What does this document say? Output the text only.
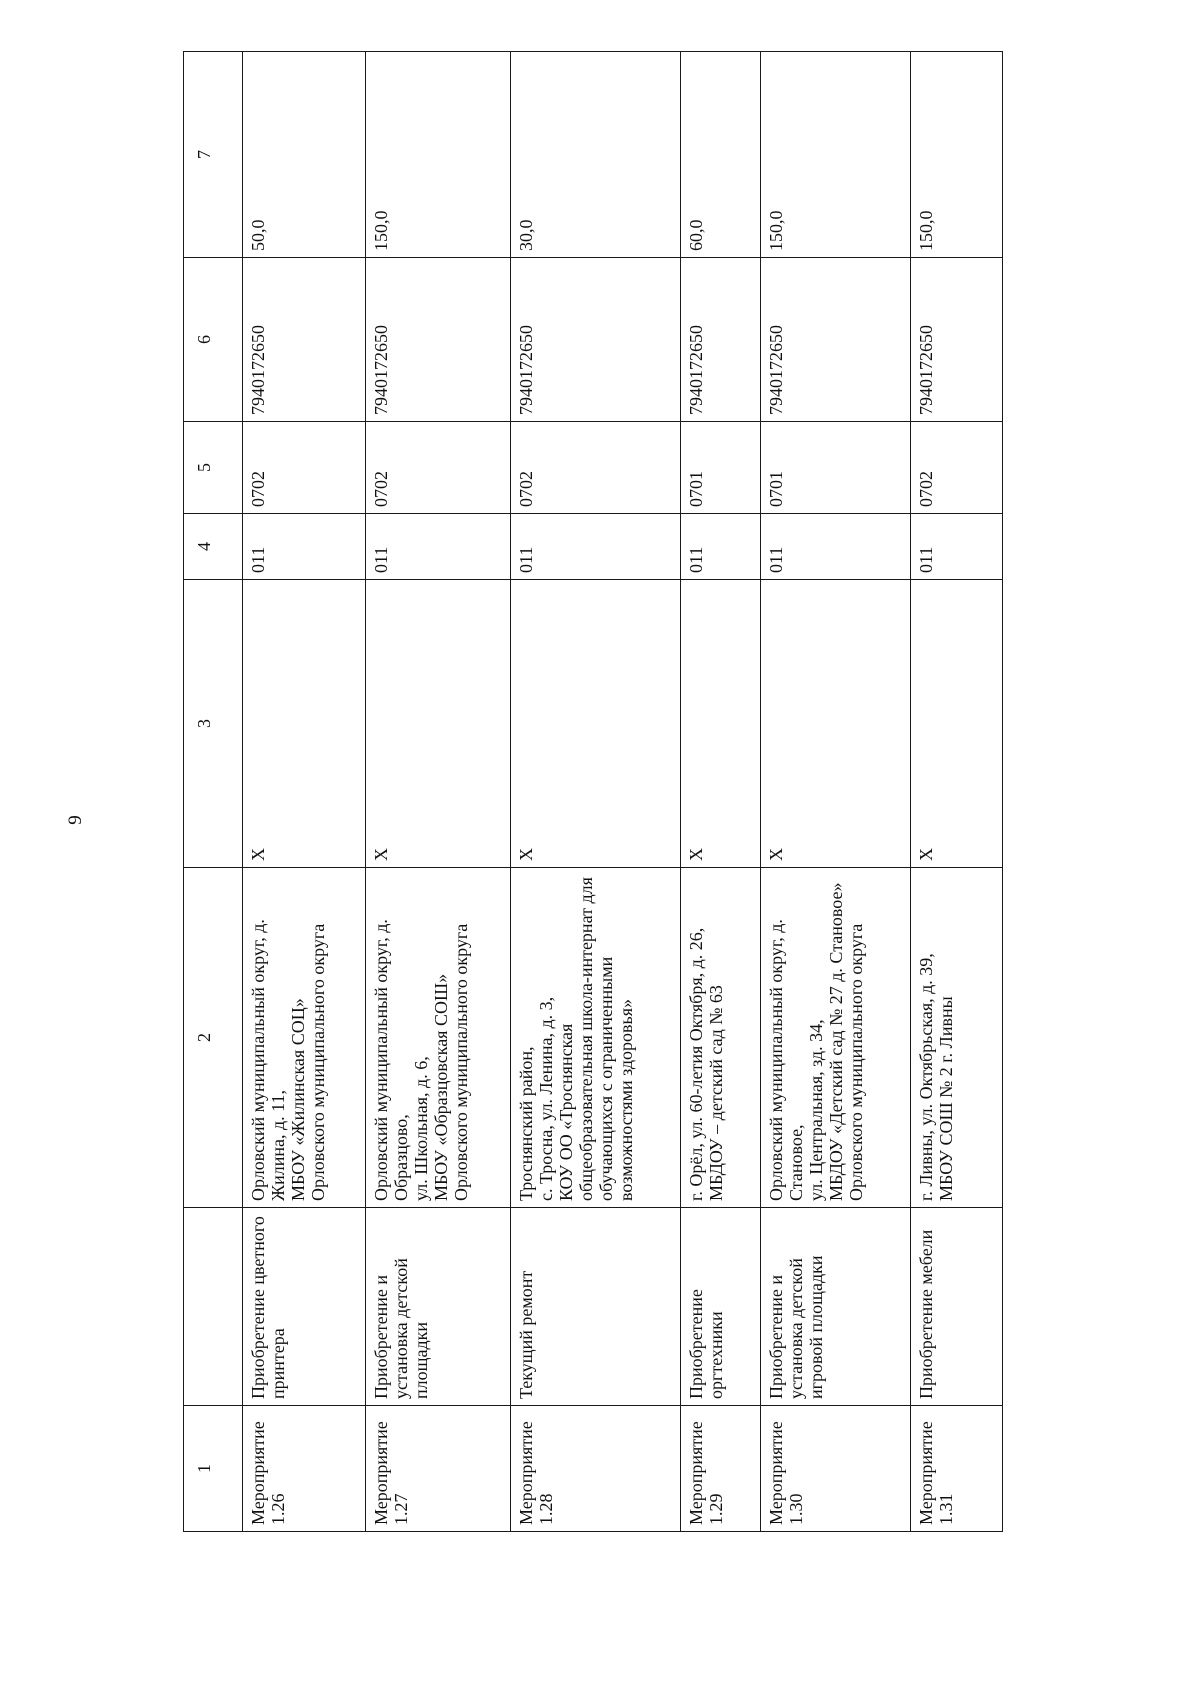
9
1		2	3	4	5	6	7
Мероприятие 1.26	Приобретение цветного принтера	Орловский муниципальный округ, д. Жилина, д. 11,
МБОУ «Жилинская СОЦ»
Орловского муниципального округа	Х	011	0702	7940172650	50,0
Мероприятие 1.27	Приобретение и установка детской площадки	Орловский муниципальный округ, д. Образцово,
ул. Школьная, д. 6,
МБОУ «Образцовская СОШ»
Орловского муниципального округа	Х	011	0702	7940172650	150,0
Мероприятие 1.28	Текущий ремонт	Троснянский район,
с. Тросна, ул. Ленина, д. 3,
КОУ ОО «Троснянская общеобразовательная школа-интернат для обучающихся с ограниченными возможностями здоровья»	Х	011	0702	7940172650	30,0
Мероприятие 1.29	Приобретение оргтехники	г. Орёл, ул. 60-летия Октября, д. 26,
МБДОУ – детский сад № 63	Х	011	0701	7940172650	60,0
Мероприятие 1.30	Приобретение и установка детской игровой площадки	Орловский муниципальный округ, д. Становое,
ул. Центральная, зд. 34,
МБДОУ «Детский сад № 27 д. Становое» Орловского муниципального округа	Х	011	0701	7940172650	150,0
Мероприятие 1.31	Приобретение мебели	г. Ливны, ул. Октябрьская, д. 39,
МБОУ СОШ № 2 г. Ливны	Х	011	0702	7940172650	150,0
